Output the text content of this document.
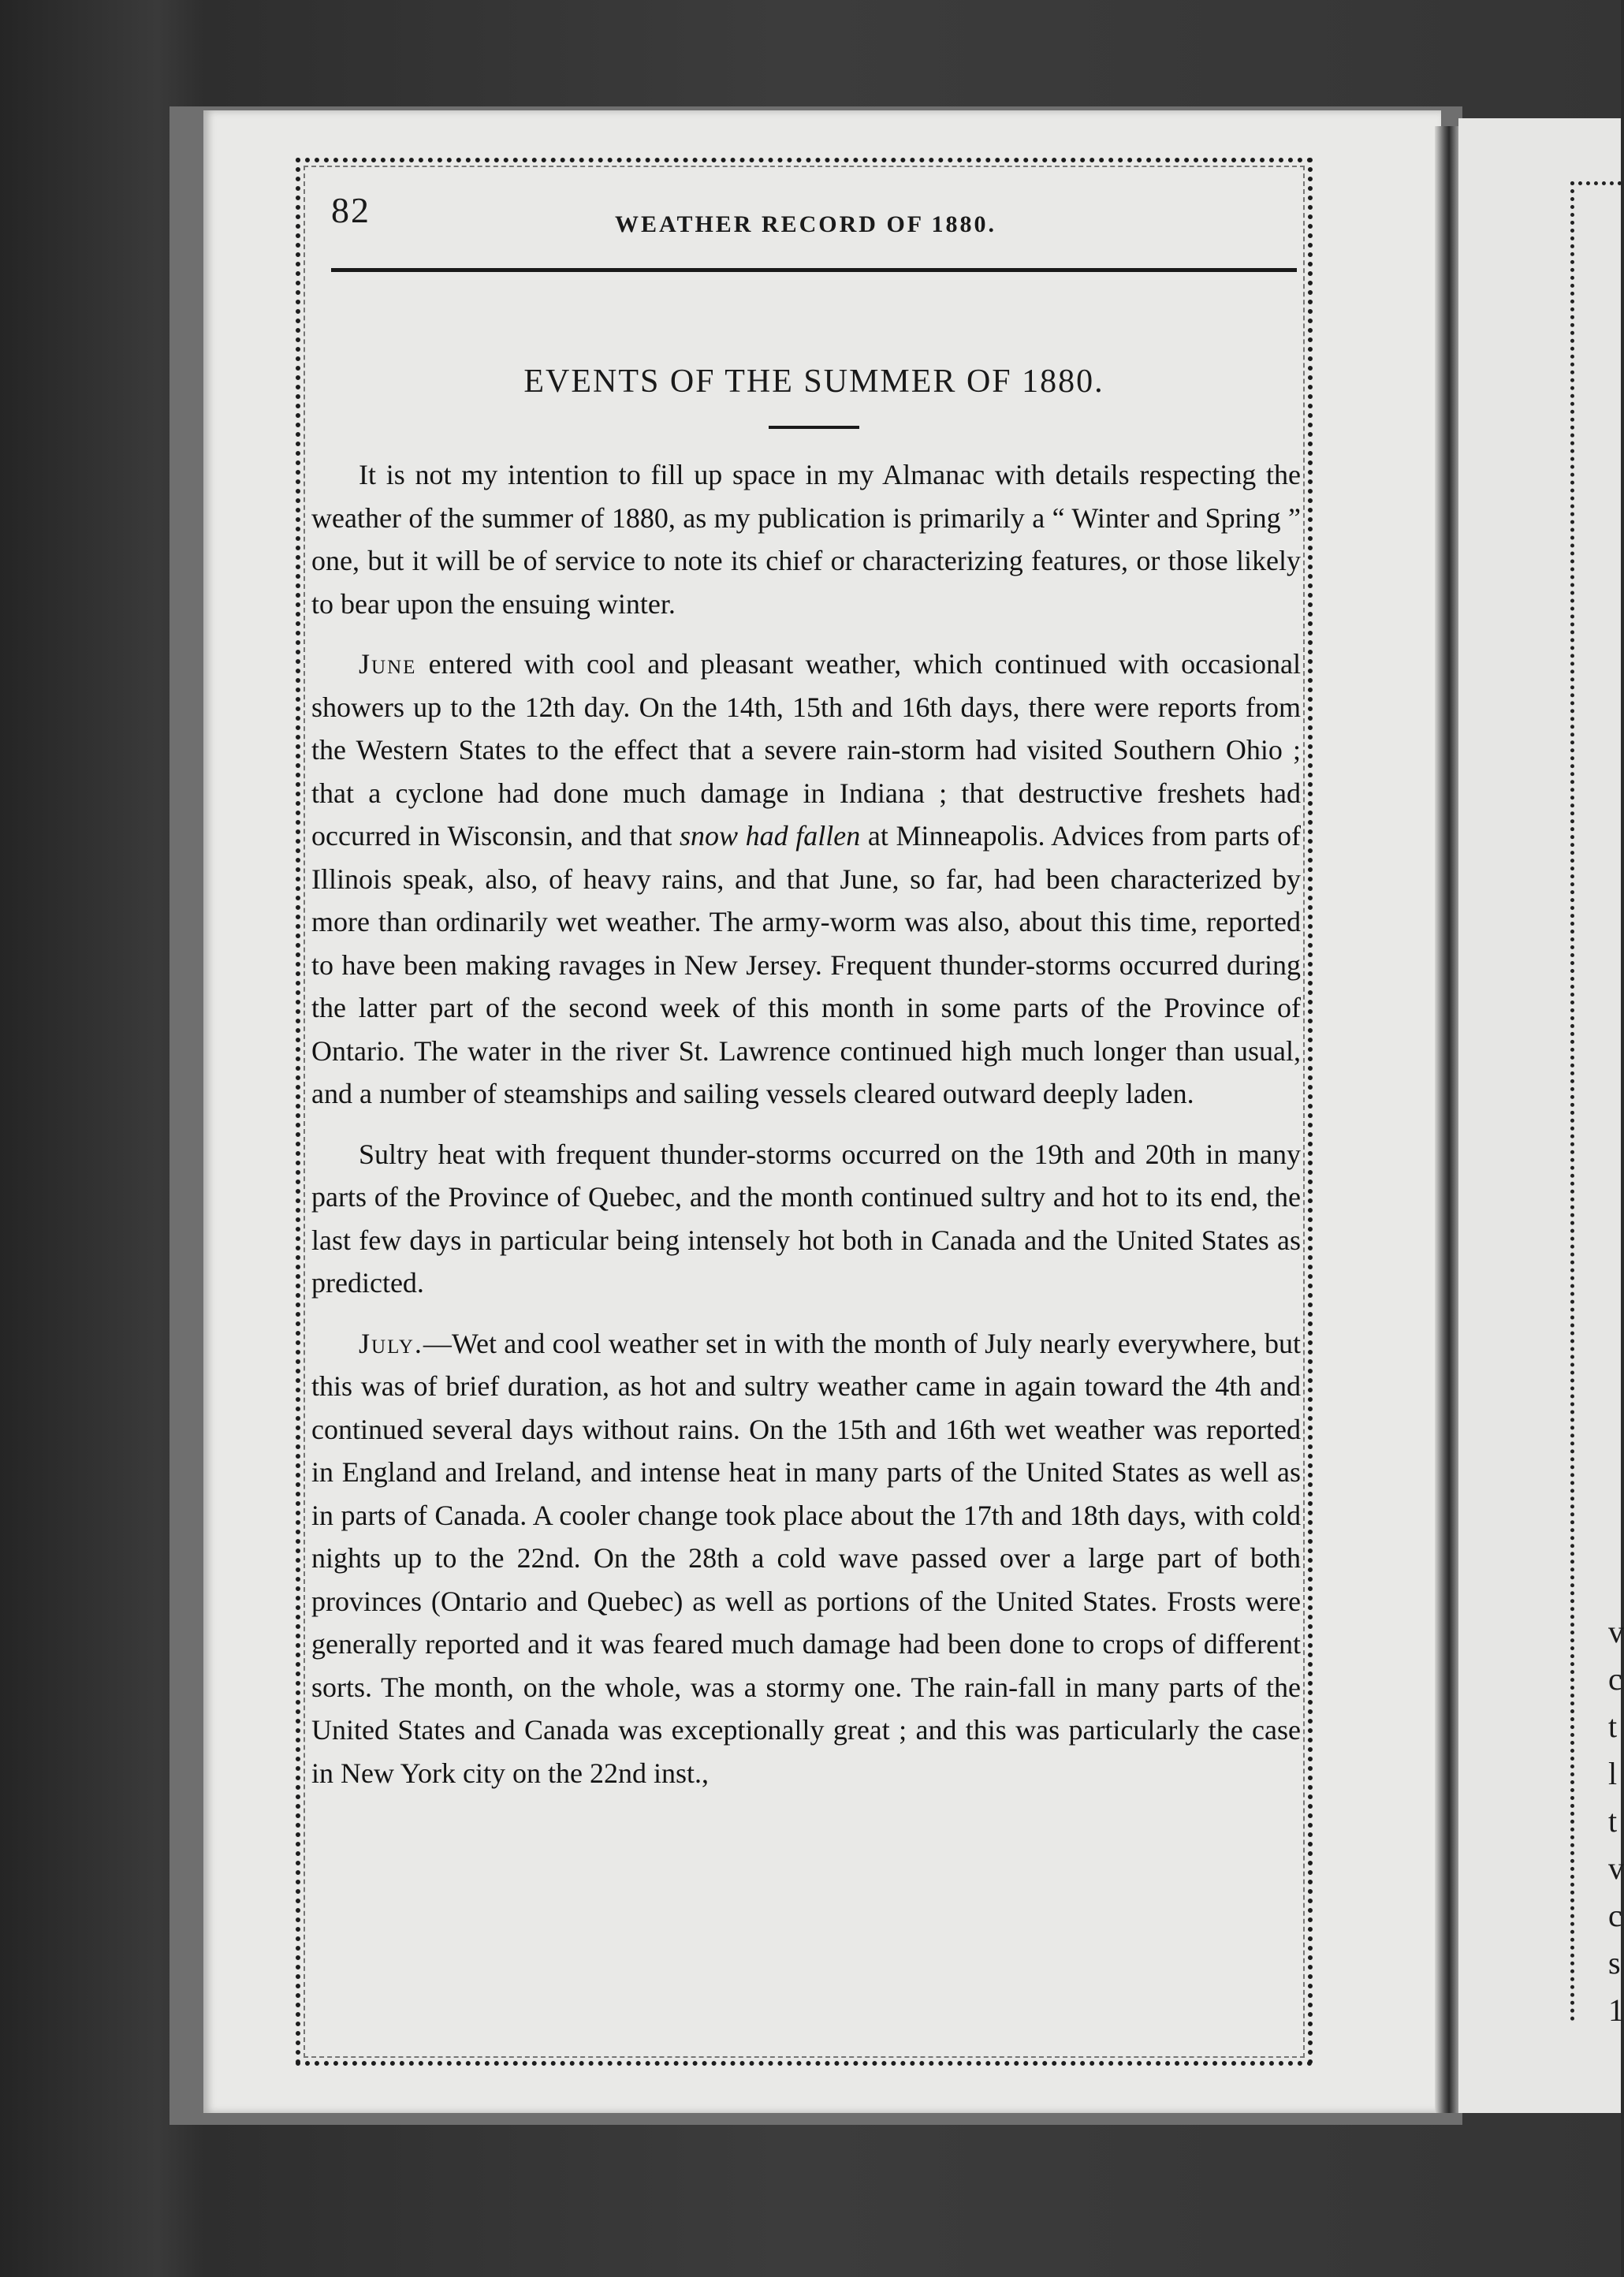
v
c
t
l
t
v
c
s
1
82	WEATHER RECORD OF 1880.
EVENTS OF THE SUMMER OF 1880.

It is not my intention to fill up space in my Almanac with details respecting the weather of the summer of 1880, as my publication is primarily a “ Winter and Spring ” one, but it will be of service to note its chief or characterizing features, or those likely to bear upon the ensuing winter.

June entered with cool and pleasant weather, which continued with occasional showers up to the 12th day. On the 14th, 15th and 16th days, there were reports from the Western States to the effect that a severe rain-storm had visited Southern Ohio ; that a cyclone had done much damage in Indiana ; that destructive freshets had occurred in Wisconsin, and that snow had fallen at Minneapolis. Advices from parts of Illinois speak, also, of heavy rains, and that June, so far, had been characterized by more than ordinarily wet weather. The army-worm was also, about this time, reported to have been making ravages in New Jersey. Frequent thunder-storms occurred during the latter part of the second week of this month in some parts of the Province of Ontario. The water in the river St. Lawrence continued high much longer than usual, and a number of steamships and sailing vessels cleared outward deeply laden.

Sultry heat with frequent thunder-storms occurred on the 19th and 20th in many parts of the Province of Quebec, and the month continued sultry and hot to its end, the last few days in particular being intensely hot both in Canada and the United States as predicted.

July.—Wet and cool weather set in with the month of July nearly everywhere, but this was of brief duration, as hot and sultry weather came in again toward the 4th and continued several days without rains. On the 15th and 16th wet weather was reported in England and Ireland, and intense heat in many parts of the United States as well as in parts of Canada. A cooler change took place about the 17th and 18th days, with cold nights up to the 22nd. On the 28th a cold wave passed over a large part of both provinces (Ontario and Quebec) as well as portions of the United States. Frosts were generally reported and it was feared much damage had been done to crops of different sorts. The month, on the whole, was a stormy one. The rain-fall in many parts of the United States and Canada was exceptionally great ; and this was particularly the case in New York city on the 22nd inst.,
